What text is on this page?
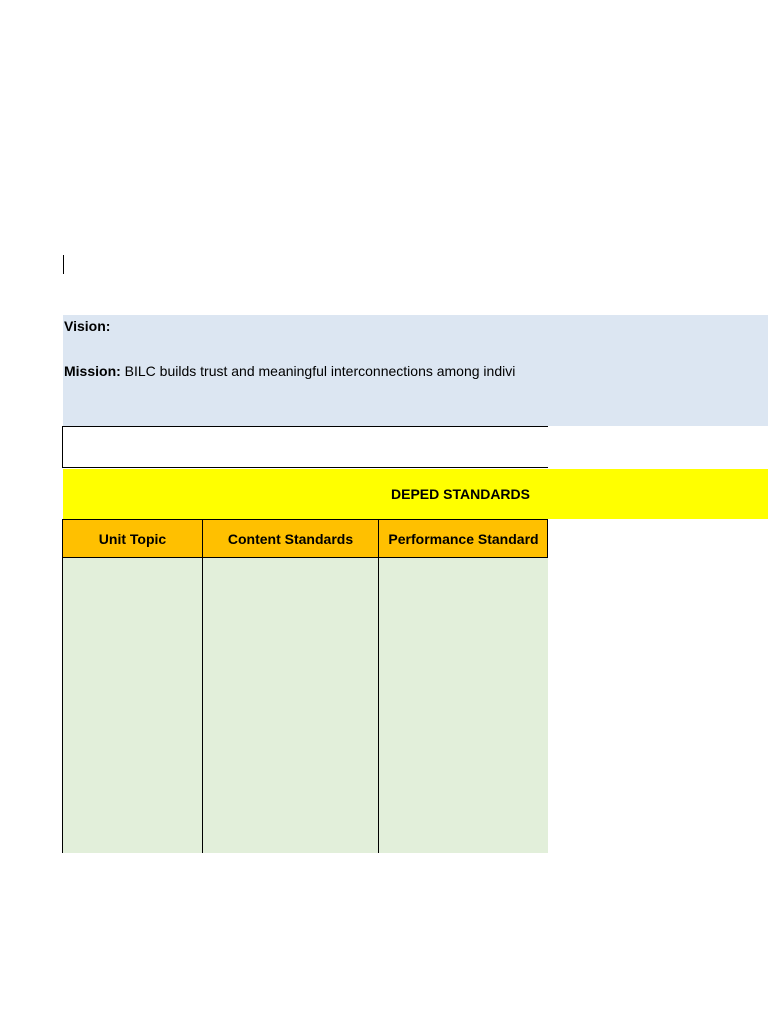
Vision:
Mission: BILC builds trust and meaningful interconnections among indivi
DEPED STANDARDS
Unit Topic	Content Standards	Performance Standard
